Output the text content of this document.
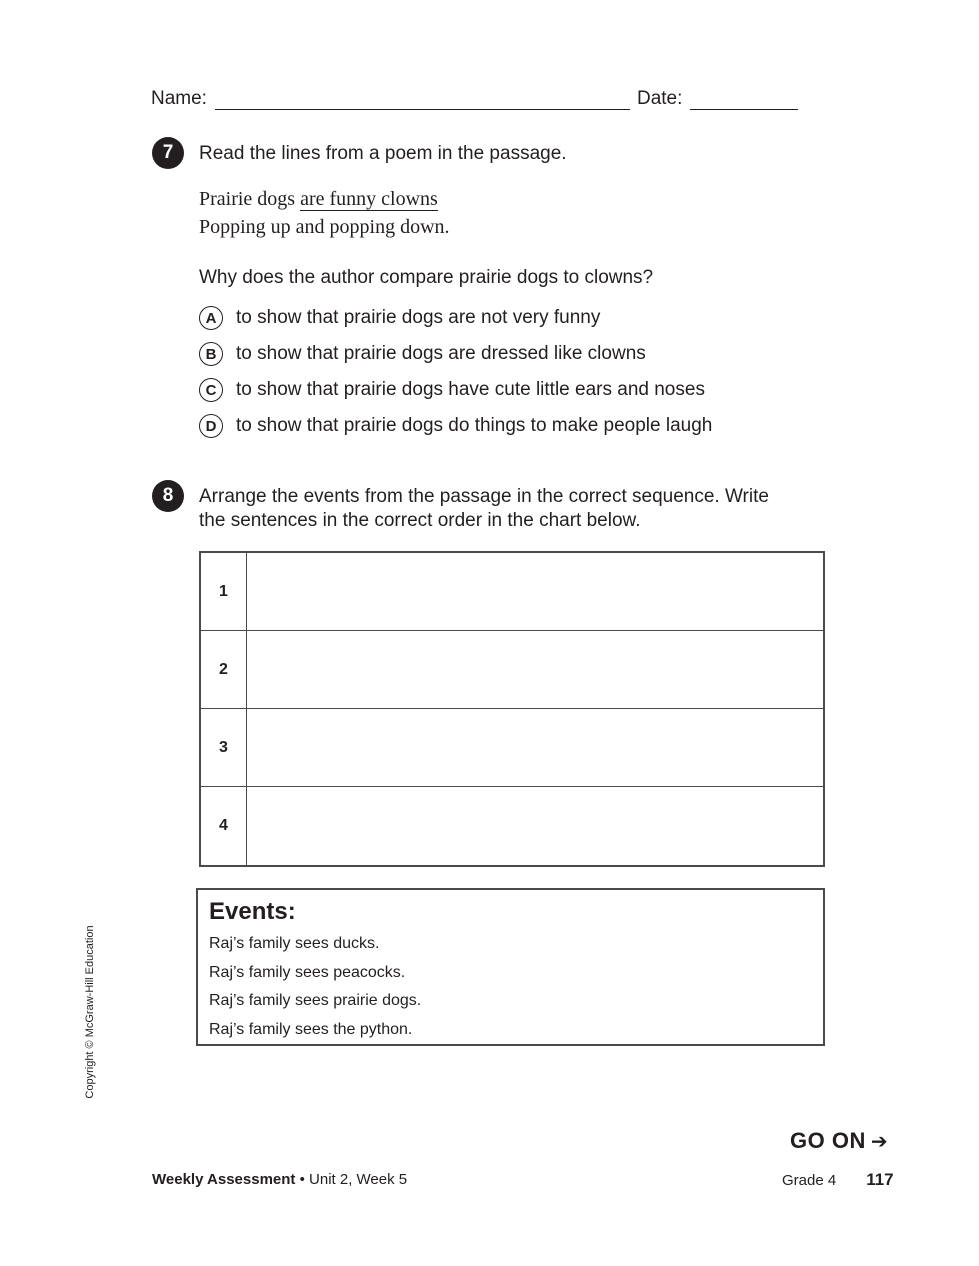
Name:	Date:
7	Read the lines from a poem in the passage.
Prairie dogs are funny clowns
Popping up and popping down.
Why does the author compare prairie dogs to clowns?
A	to show that prairie dogs are not very funny
B	to show that prairie dogs are dressed like clowns
C	to show that prairie dogs have cute little ears and noses
D	to show that prairie dogs do things to make people laugh
8	Arrange the events from the passage in the correct sequence. Write
the sentences in the correct order in the chart below.
1
2
3
4
Events:
Raj’s family sees ducks.
Raj’s family sees peacocks.
Raj’s family sees prairie dogs.
Raj’s family sees the python.
Copyright © McGraw-Hill Education
GO ON ➔
Weekly Assessment • Unit 2, Week 5	Grade 4 117
